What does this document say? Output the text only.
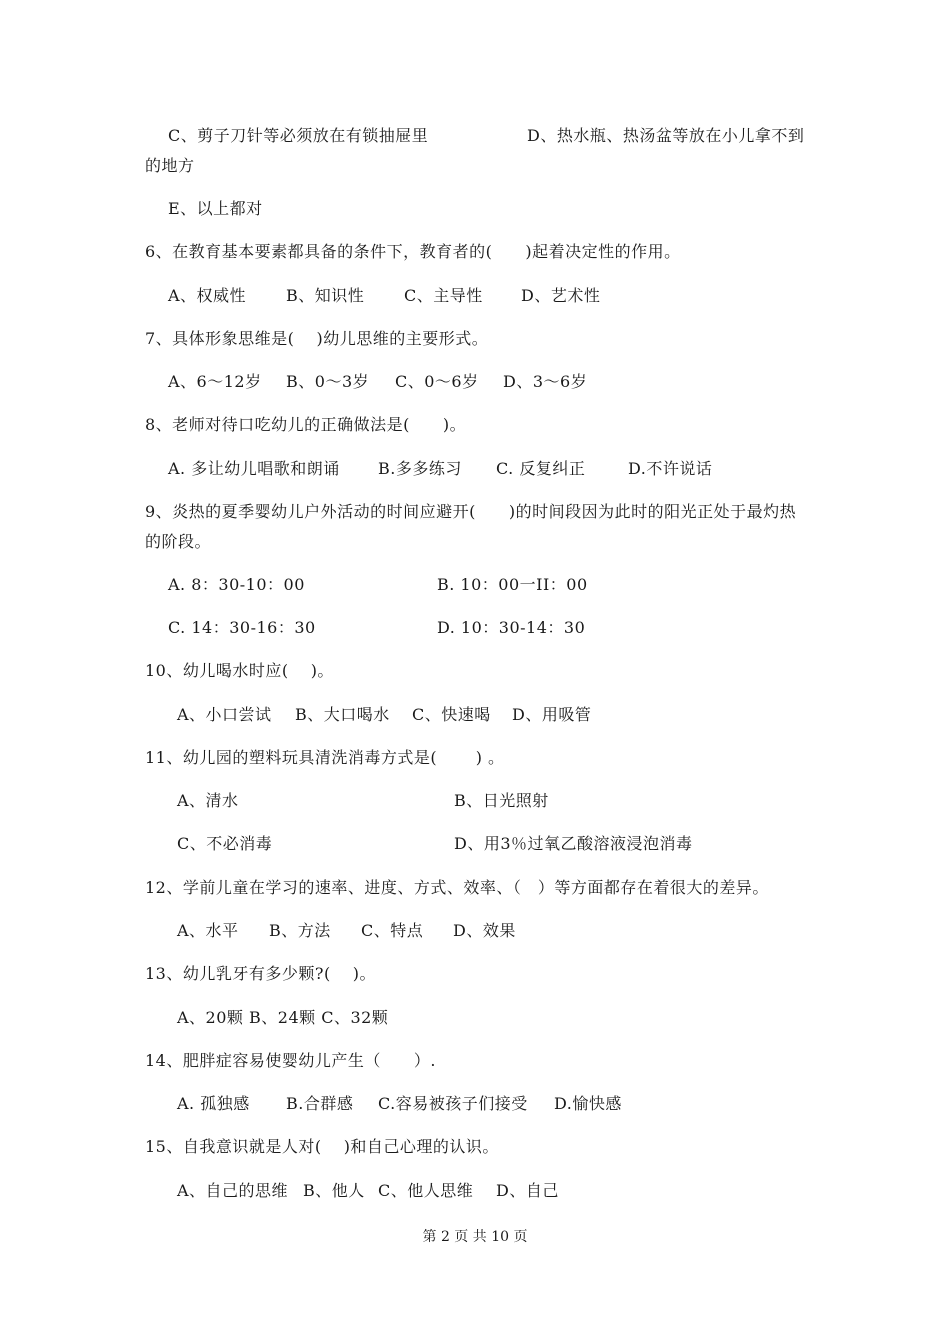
C、剪子刀针等必须放在有锁抽屉里	D、热水瓶、热汤盆等放在小儿拿不到
的地方
E、以上都对
6、在教育基本要素都具备的条件下，教育者的(　　)起着决定性的作用。
A、权威性 B、知识性 C、主导性 D、艺术性
7、具体形象思维是(　 )幼儿思维的主要形式。
A、6～12岁 B、0～3岁 C、0～6岁 D、3～6岁
8、老师对待口吃幼儿的正确做法是(　　)。
A. 多让幼儿唱歌和朗诵 B.多多练习 C. 反复纠正	D.不许说话
9、炎热的夏季婴幼儿户外活动的时间应避开(　　)的时间段因为此时的阳光正处于最灼热
的阶段。
A. 8：30-10：00	B. 10：00一II：00
C. 14：30-16：30	D. 10：30-14：30
10、幼儿喝水时应(　 )。
A、小口尝试 B、大口喝水 C、快速喝 D、用吸管
11、幼儿园的塑料玩具清洗消毒方式是(　　 ) 。
A、清水	B、日光照射
C、不必消毒	D、用3％过氧乙酸溶液浸泡消毒
12、学前儿童在学习的速率、进度、方式、效率、（　）等方面都存在着很大的差异。
A、水平 B、方法 C、特点 D、效果
13、幼儿乳牙有多少颗?(　 )。
A、20颗 B、24颗 C、32颗
14、肥胖症容易使婴幼儿产生（　　）.
A. 孤独感 B.合群感 C.容易被孩子们接受 D.愉快感
15、自我意识就是人对(　 )和自己心理的认识。
A、自己的思维 B、他人 C、他人思维 D、自己
第 2 页 共 10 页
